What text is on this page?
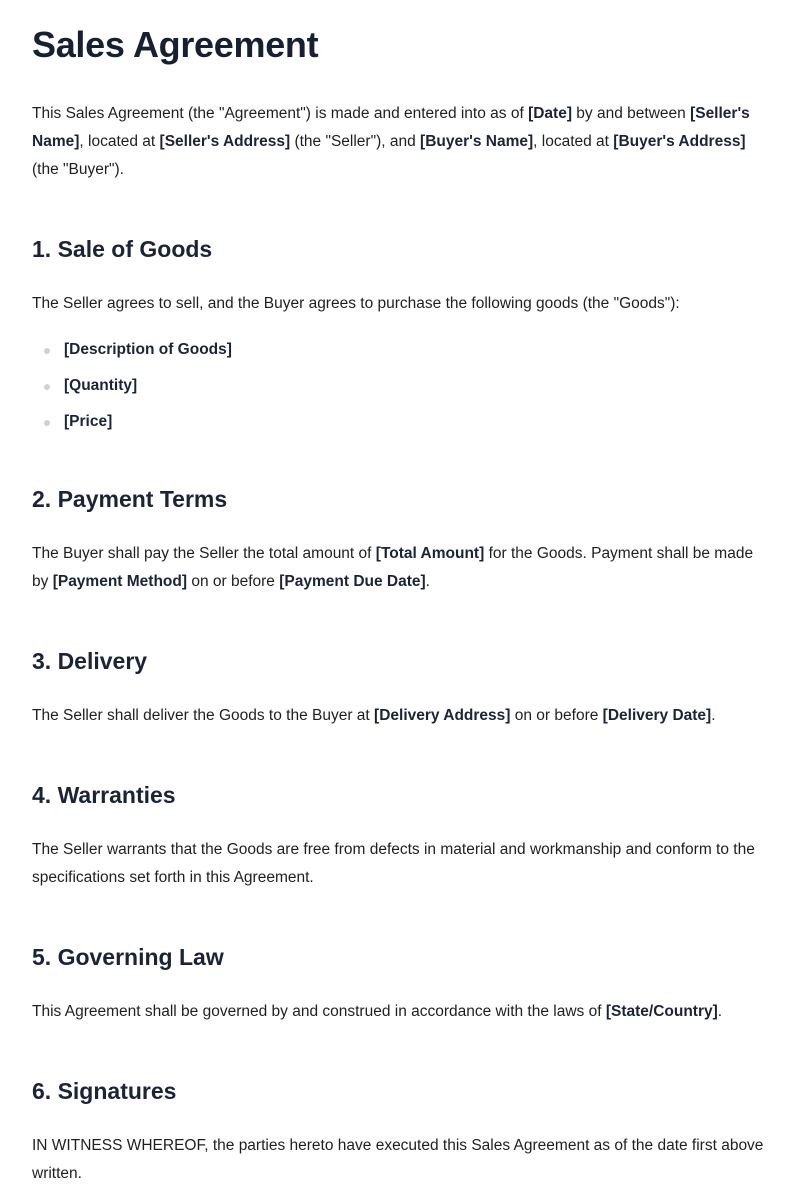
Sales Agreement

This Sales Agreement (the "Agreement") is made and entered into as of [Date] by and between [Seller's Name], located at [Seller's Address] (the "Seller"), and [Buyer's Name], located at [Buyer's Address] (the "Buyer").

1. Sale of Goods

The Seller agrees to sell, and the Buyer agrees to purchase the following goods (the "Goods"):

[Description of Goods]
[Quantity]
[Price]
2. Payment Terms

The Buyer shall pay the Seller the total amount of [Total Amount] for the Goods. Payment shall be made by [Payment Method] on or before [Payment Due Date].

3. Delivery

The Seller shall deliver the Goods to the Buyer at [Delivery Address] on or before [Delivery Date].

4. Warranties

The Seller warrants that the Goods are free from defects in material and workmanship and conform to the specifications set forth in this Agreement.

5. Governing Law

This Agreement shall be governed by and construed in accordance with the laws of [State/Country].

6. Signatures

IN WITNESS WHEREOF, the parties hereto have executed this Sales Agreement as of the date first above written.
